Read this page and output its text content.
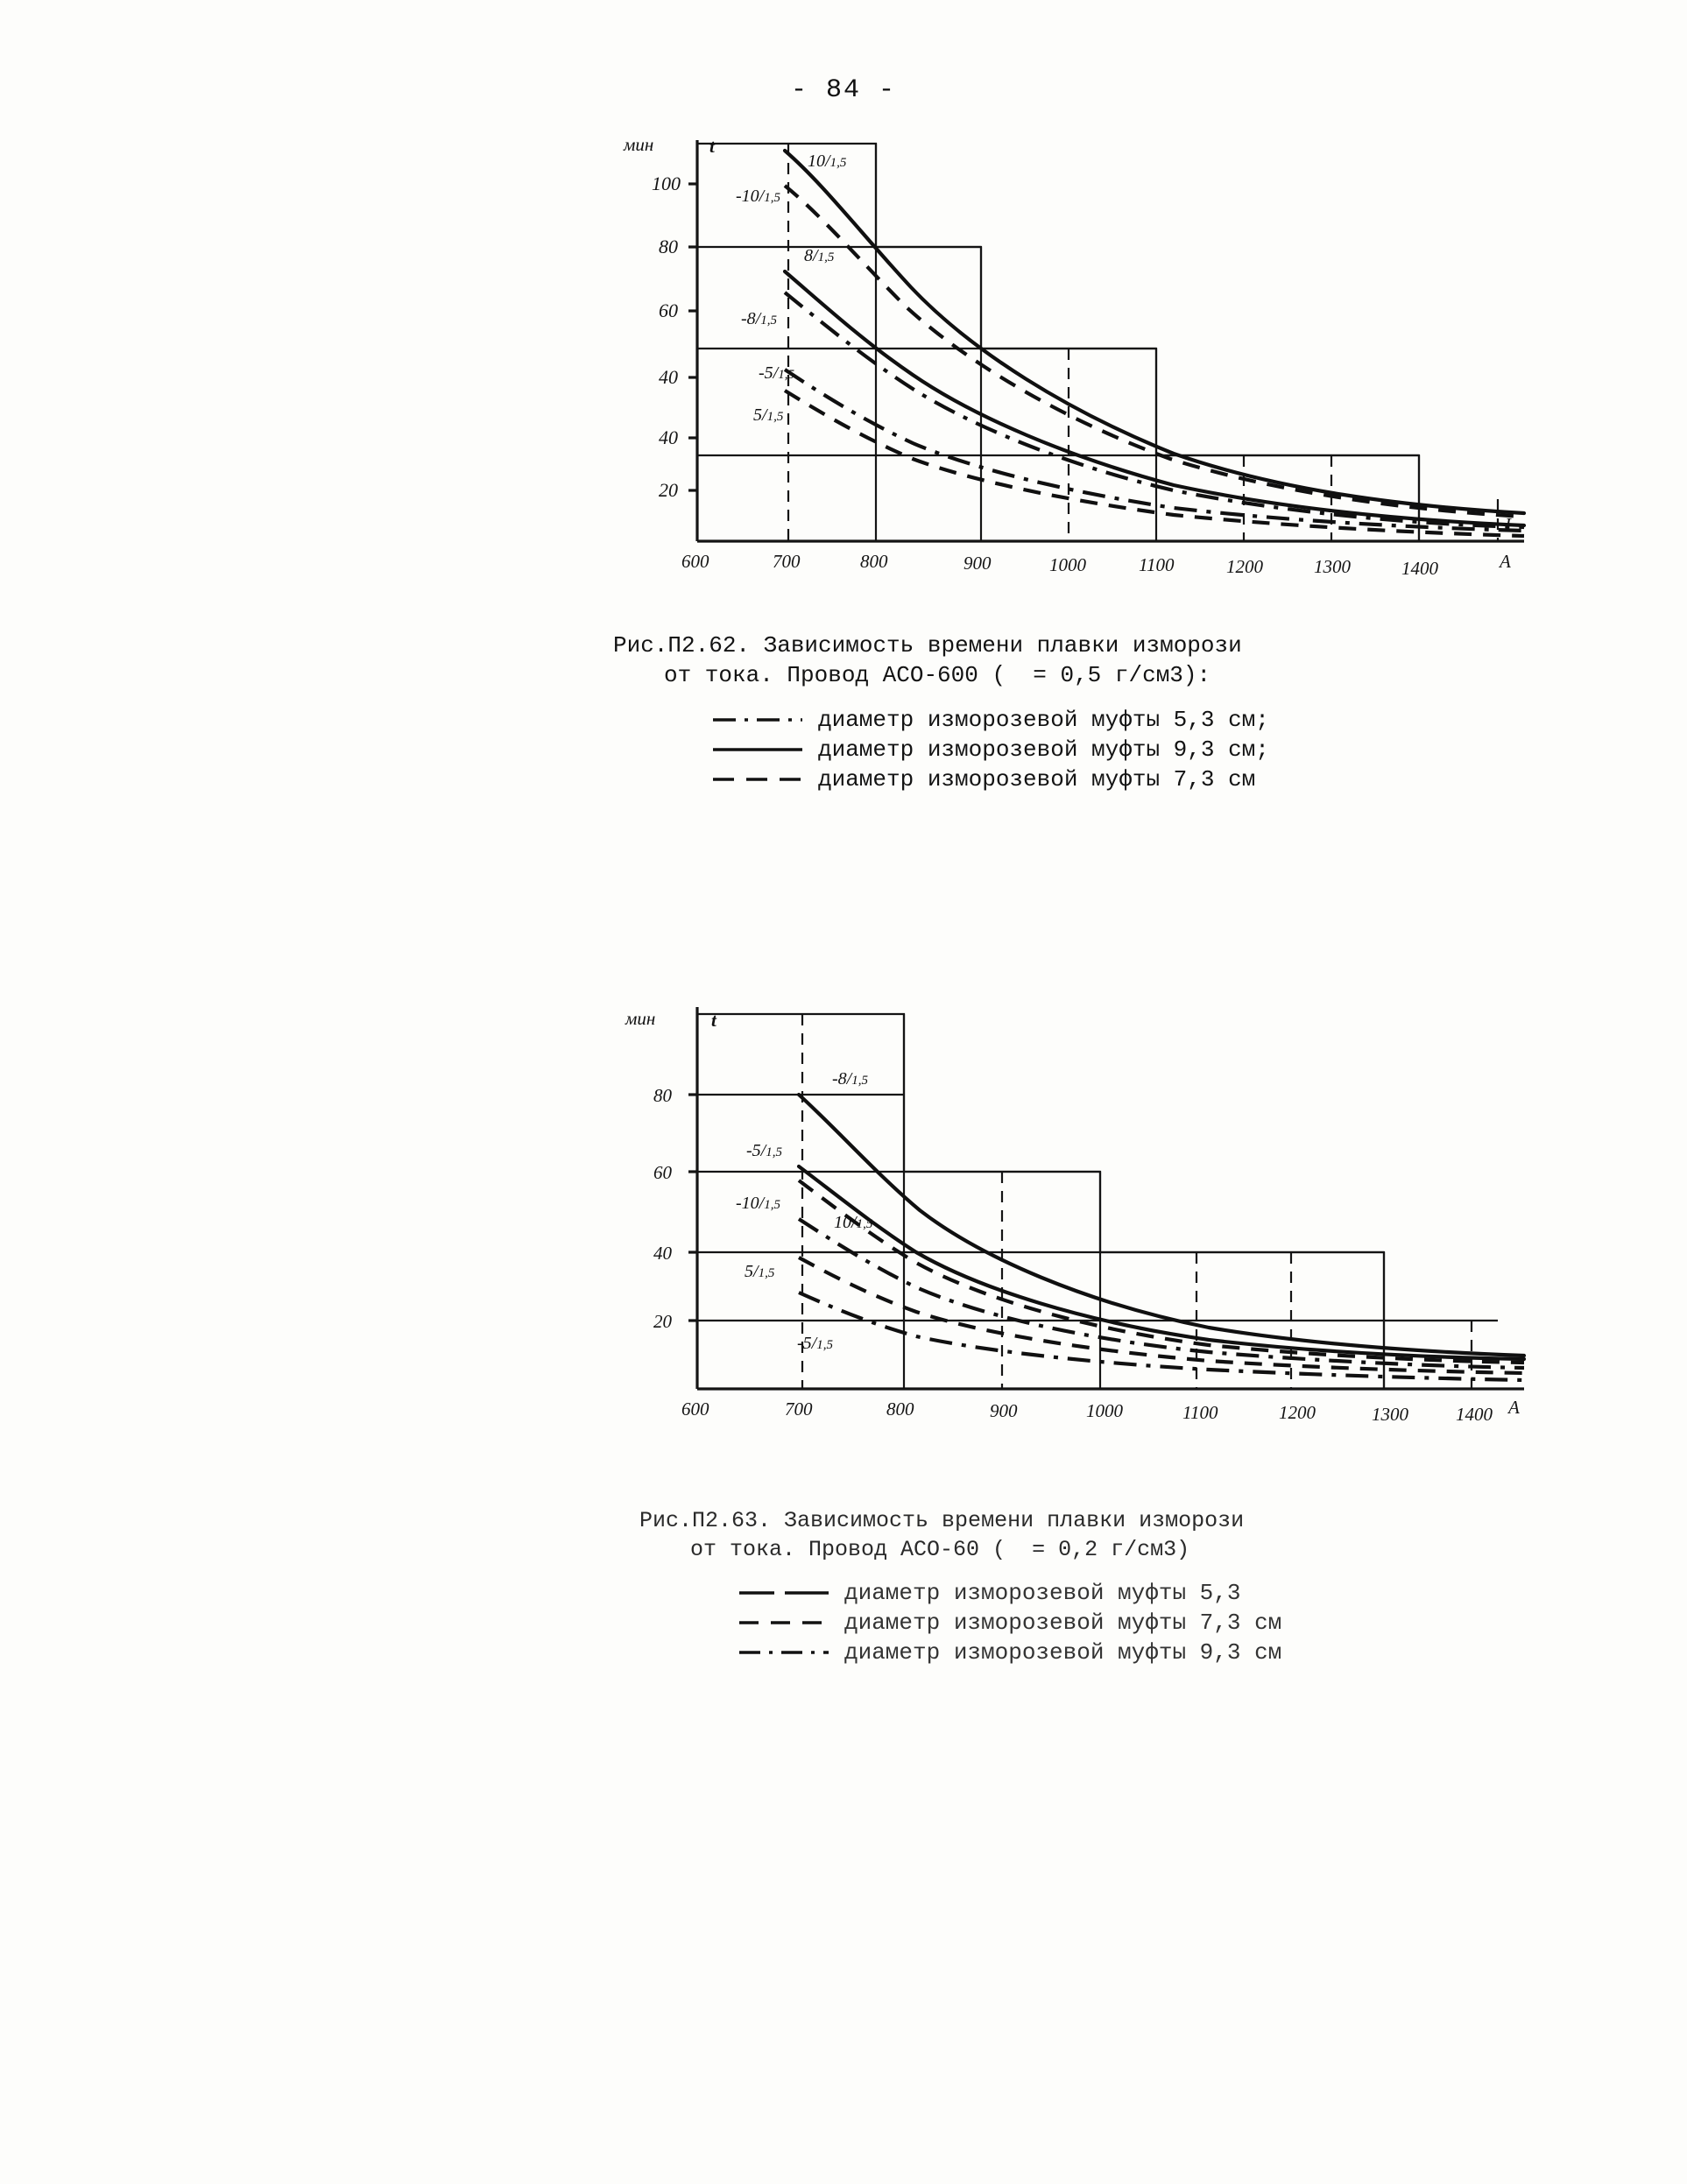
- 84 -
100
80
60
40
40
20
мин	t
600	700	800	900	1000	1100	1200	1300	1400	A
I
10/1,5
-10/1,5
8/1,5
-8/1,5
-5/1,5
5/1,5
Рис.П2.62. Зависимость времени плавки изморози
от тока. Провод АСО-600 (  = 0,5 г/см3):
диаметр изморозевой муфты 5,3 см;
диаметр изморозевой муфты 9,3 см;
диаметр изморозевой муфты 7,3 см
80
60
40
20
мин	t
600	700	800	900	1000	1100	1200	1300	1400 A
-8/1,5
-5/1,5
-10/1,5
10/1,5
5/1,5
-5/1,5
Рис.П2.63. Зависимость времени плавки изморози
от тока. Провод АСО-60 (  = 0,2 г/см3)
диаметр изморозевой муфты 5,3
диаметр изморозевой муфты 7,3 см
диаметр изморозевой муфты 9,3 см
